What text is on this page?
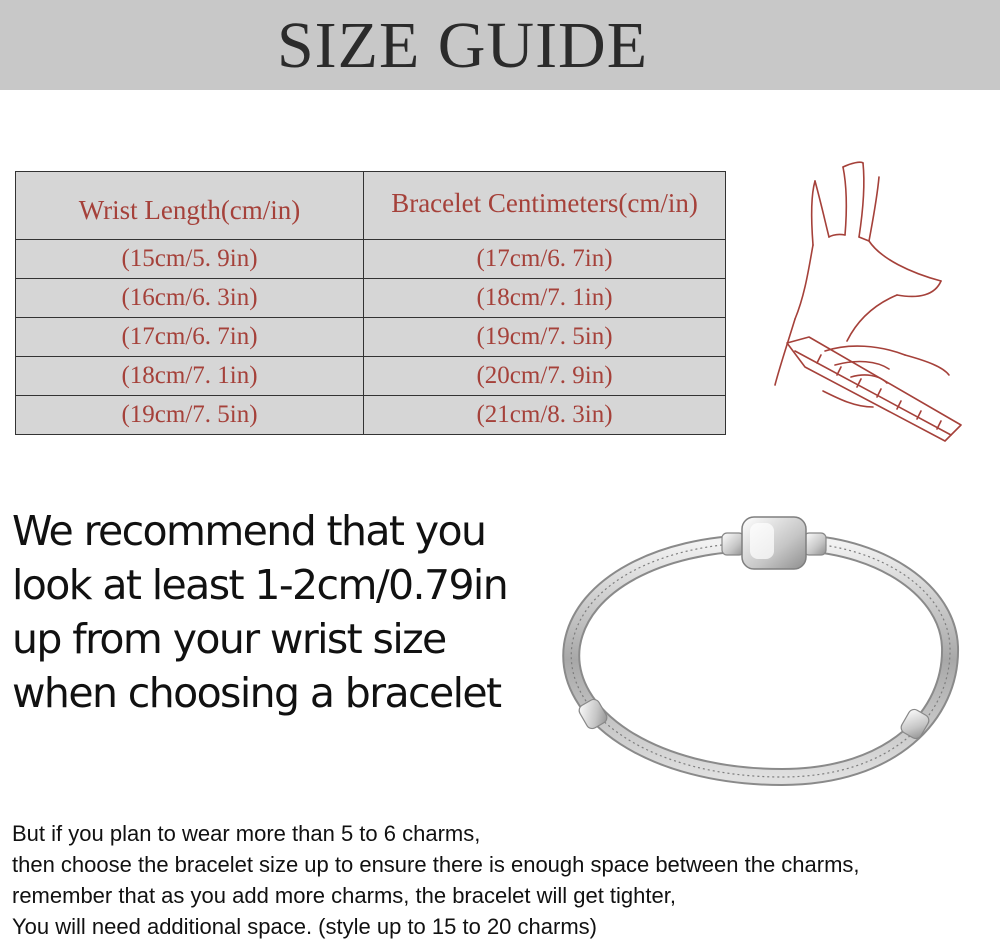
SIZE GUIDE
Wrist Length(cm/in)	Bracelet Centimeters(cm/in)
(15cm/5. 9in)	(17cm/6. 7in)
(16cm/6. 3in)	(18cm/7. 1in)
(17cm/6. 7in)	(19cm/7. 5in)
(18cm/7. 1in)	(20cm/7. 9in)
(19cm/7. 5in)	(21cm/8. 3in)
We recommend that you
look at least 1-2cm/0.79in
up from your wrist size
when choosing a bracelet
But if you plan to wear more than 5 to 6 charms,
then choose the bracelet size up to ensure there is enough space between the charms,
remember that as you add more charms, the bracelet will get tighter,
You will need additional space. (style up to 15 to 20 charms)
